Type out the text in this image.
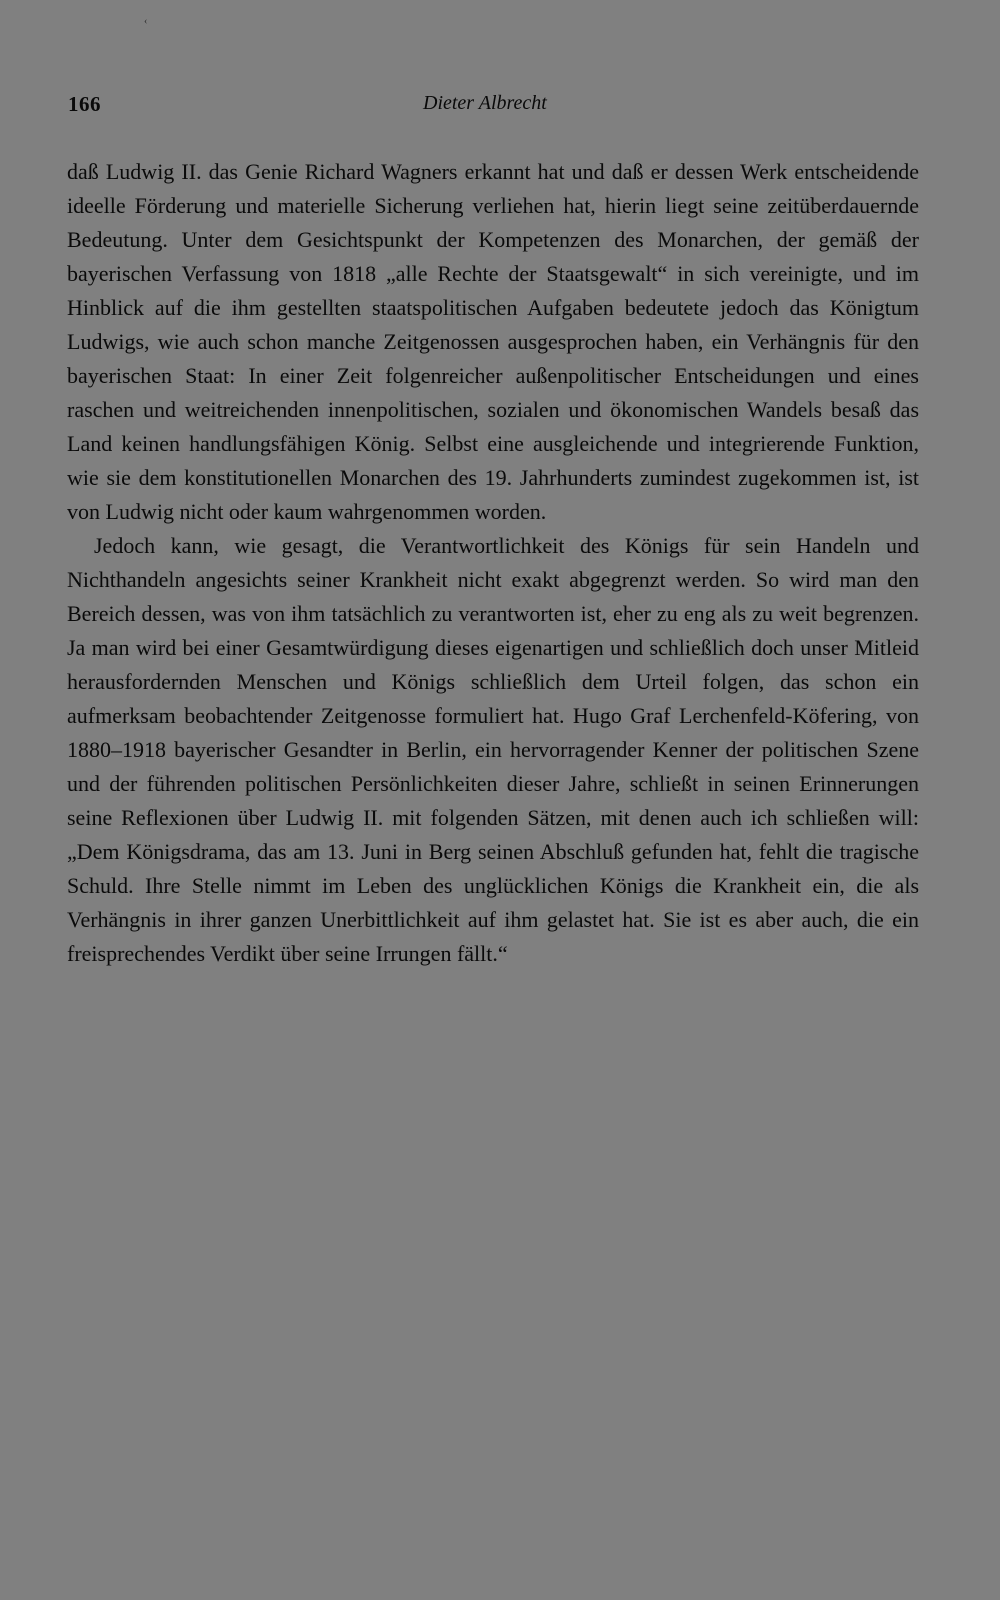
‹
166	Dieter Albrecht

daß Ludwig II. das Genie Richard Wagners erkannt hat und daß er dessen Werk entscheidende ideelle Förderung und materielle Sicherung verliehen hat, hierin liegt seine zeitüberdauernde Bedeutung. Unter dem Gesichtspunkt der Kompetenzen des Monarchen, der gemäß der bayerischen Verfassung von 1818 „alle Rechte der Staatsgewalt“ in sich vereinigte, und im Hinblick auf die ihm gestellten staatspolitischen Aufgaben bedeutete jedoch das Königtum Ludwigs, wie auch schon manche Zeitgenossen ausgesprochen haben, ein Verhängnis für den bayerischen Staat: In einer Zeit folgenreicher außenpolitischer Entscheidungen und eines raschen und weitreichenden innenpolitischen, sozialen und ökonomischen Wandels besaß das Land keinen handlungsfähigen König. Selbst eine ausgleichende und integrierende Funktion, wie sie dem konstitutionellen Monarchen des 19. Jahrhunderts zumindest zugekommen ist, ist von Ludwig nicht oder kaum wahrgenommen worden.

Jedoch kann, wie gesagt, die Verantwortlichkeit des Königs für sein Handeln und Nichthandeln angesichts seiner Krankheit nicht exakt abgegrenzt werden. So wird man den Bereich dessen, was von ihm tatsächlich zu verantworten ist, eher zu eng als zu weit begrenzen. Ja man wird bei einer Gesamtwürdigung dieses eigenartigen und schließlich doch unser Mitleid herausfordernden Menschen und Königs schließlich dem Urteil folgen, das schon ein aufmerksam beobachtender Zeitgenosse formuliert hat. Hugo Graf Lerchenfeld-Köfering, von 1880–1918 bayerischer Gesandter in Berlin, ein hervorragender Kenner der politischen Szene und der führenden politischen Persönlichkeiten dieser Jahre, schließt in seinen Erinnerungen seine Reflexionen über Ludwig II. mit folgenden Sätzen, mit denen auch ich schließen will: „Dem Königsdrama, das am 13. Juni in Berg seinen Abschluß gefunden hat, fehlt die tragische Schuld. Ihre Stelle nimmt im Leben des unglücklichen Königs die Krankheit ein, die als Verhängnis in ihrer ganzen Unerbittlichkeit auf ihm gelastet hat. Sie ist es aber auch, die ein freisprechendes Verdikt über seine Irrungen fällt.“
